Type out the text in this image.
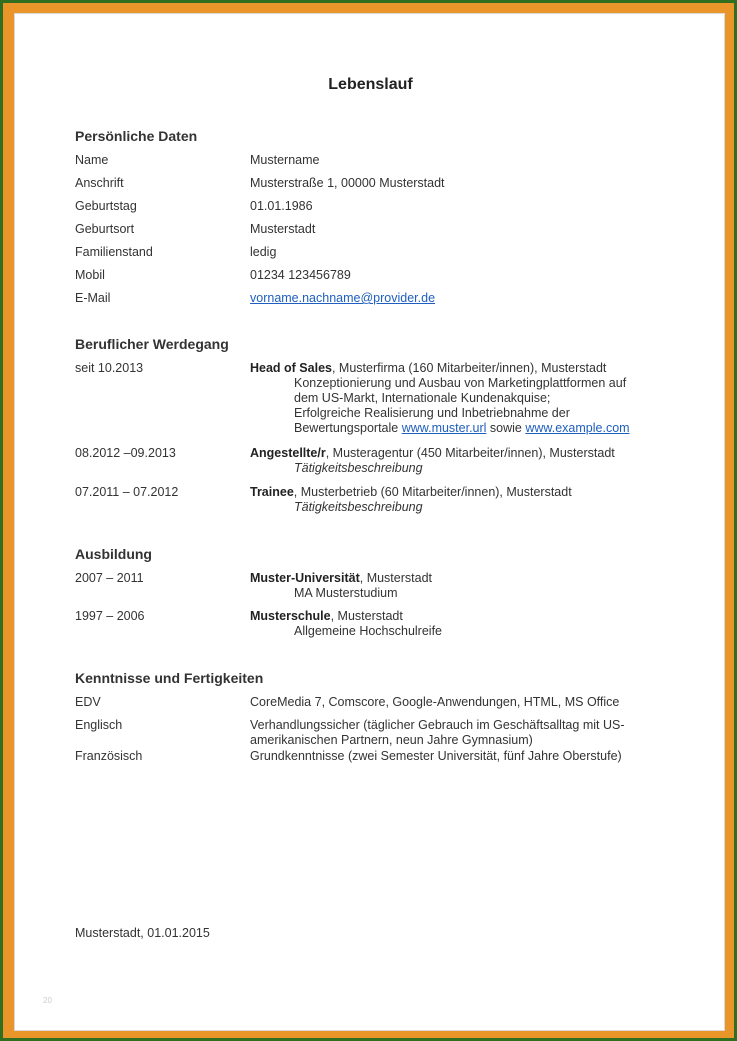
Lebenslauf
Persönliche Daten
Name	Mustername
Anschrift	Musterstraße 1, 00000 Musterstadt
Geburtstag	01.01.1986
Geburtsort	Musterstadt
Familienstand	ledig
Mobil	01234 123456789
E-Mail	vorname.nachname@provider.de
Beruflicher Werdegang
seit 10.2013	Head of Sales, Musterfirma (160 Mitarbeiter/innen), Musterstadt
Konzeptionierung und Ausbau von Marketingplattformen auf
dem US-Markt, Internationale Kundenakquise;
Erfolgreiche Realisierung und Inbetriebnahme der
Bewertungsportale www.muster.url sowie www.example.com
08.2012 –09.2013	Angestellte/r, Musteragentur (450 Mitarbeiter/innen), Musterstadt
Tätigkeitsbeschreibung
07.2011 – 07.2012	Trainee, Musterbetrieb (60 Mitarbeiter/innen), Musterstadt
Tätigkeitsbeschreibung
Ausbildung
2007 – 2011	Muster-Universität, Musterstadt
MA Musterstudium
1997 – 2006	Musterschule, Musterstadt
Allgemeine Hochschulreife
Kenntnisse und Fertigkeiten
EDV	CoreMedia 7, Comscore, Google-Anwendungen, HTML, MS Office
Englisch	Verhandlungssicher (täglicher Gebrauch im Geschäftsalltag mit US-
amerikanischen Partnern, neun Jahre Gymnasium)
Französisch	Grundkenntnisse (zwei Semester Universität, fünf Jahre Oberstufe)
Musterstadt, 01.01.2015
20
